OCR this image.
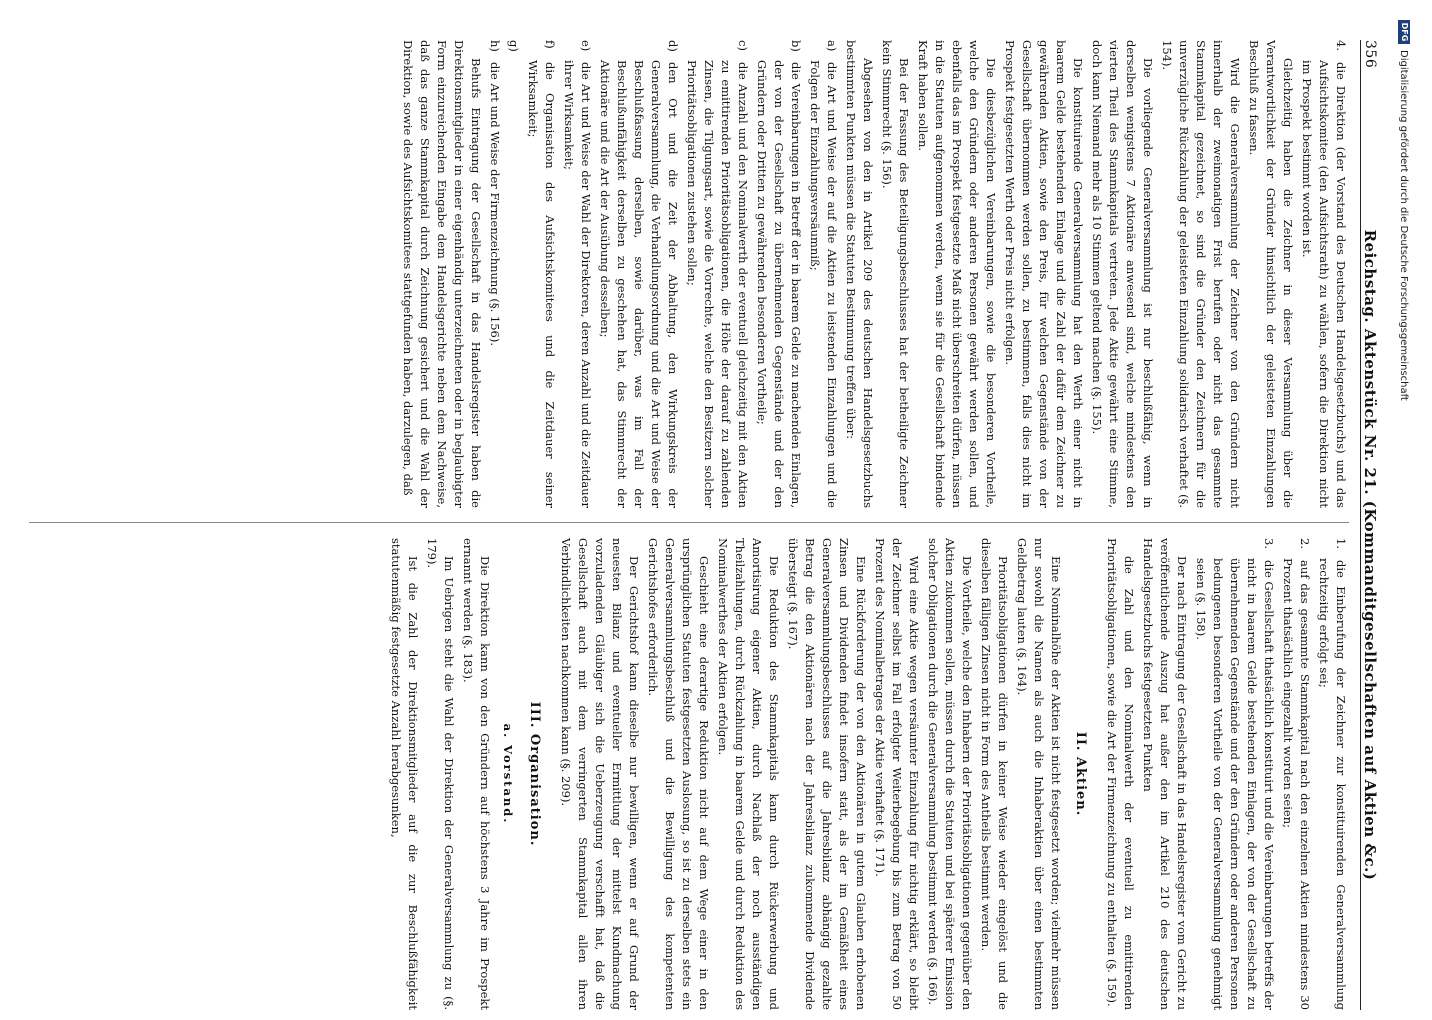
356
Reichstag. Aktenstück Nr. 21. (Kommanditgesellschaften auf Aktien &c.)

4.die Direktion (der Vorstand des Deutschen Handelsgesetzbuchs) und das Aufsichtskomitee (den Aufsichtsrath) zu wählen, sofern die Direktion nicht im Prospekt bestimmt worden ist.

Gleichzeitig haben die Zeichner in dieser Versammlung über die Verantwortlichkeit der Gründer hinsichtlich der geleisteten Einzahlungen Beschluß zu fassen.

Wird die Generalversammlung der Zeichner von den Gründern nicht innerhalb der zweimonatigen Frist berufen oder nicht das gesammte Stammkapital gezeichnet, so sind die Gründer den Zeichnern für die unverzügliche Rückzahlung der geleisteten Einzahlung solidarisch verhaftet (§. 154).

Die vorliegende Generalversammlung ist nur beschlußfähig, wenn in derselben wenigstens 7 Aktionäre anwesend sind, welche mindestens den vierten Theil des Stammkapitals vertreten. Jede Aktie gewährt eine Stimme, doch kann Niemand mehr als 10 Stimmen geltend machen (§. 155).

Die konstituirende Generalversammlung hat den Werth einer nicht in baarem Gelde bestehenden Einlage und die Zahl der dafür dem Zeichner zu gewährenden Aktien, sowie den Preis, für welchen Gegenstände von der Gesellschaft übernommen werden sollen, zu bestimmen, falls dies nicht im Prospekt festgesetzten Werth oder Preis nicht erfolgen.

Die diesbezüglichen Vereinbarungen, sowie die besonderen Vortheile, welche den Gründern oder anderen Personen gewährt werden sollen, und ebenfalls das im Prospekt festgesetzte Maß nicht überschreiten dürfen, müssen in die Statuten aufgenommen werden, wenn sie für die Gesellschaft bindende Kraft haben sollen.

Bei der Fassung des Beteiligungsbeschlusses hat der betheiligte Zeichner kein Stimmrecht (§. 156).

Abgesehen von den in Artikel 209 des deutschen Handelsgesetzbuchs bestimmten Punkten müssen die Statuten Bestimmung treffen über:

a)die Art und Weise der auf die Aktien zu leistenden Einzahlungen und die Folgen der Einzahlungsversäumniß;

b)die Vereinbarungen in Betreff der in baarem Gelde zu machenden Einlagen, der von der Gesellschaft zu übernehmenden Gegenstände und der den Gründern oder Dritten zu gewährenden besonderen Vortheile;

c)die Anzahl und den Nominalwerth der eventuell gleichzeitig mit den Aktien zu emittirenden Prioritätsobligationen, die Höhe der darauf zu zahlenden Zinsen, die Tilgungsart, sowie die Vorrechte, welche den Besitzern solcher Prioritätsobligationen zustehen sollen;

d)den Ort und die Zeit der Abhaltung, den Wirkungskreis der Generalversammlung, die Verhandlungsordnung und die Art und Weise der Beschlußfassung derselben, sowie darüber, was im Fall der Beschlußunfähigkeit derselben zu geschehen hat, das Stimmrecht der Aktionäre und die Art der Ausübung desselben;

e)die Art und Weise der Wahl der Direktoren, deren Anzahl und die Zeitdauer ihrer Wirksamkeit;

f)die Organisation des Aufsichtskomitees und die Zeitdauer seiner Wirksamkeit;

g)

h)die Art und Weise der Firmenzeichnung (§. 156).

Behufs Eintragung der Gesellschaft in das Handelsregister haben die Direktionsmitglieder in einer eigenhändig unterzeichneten oder in beglaubigter Form einzureichenden Eingabe dem Handelsgerichte neben dem Nachweise, daß das ganze Stammkapital durch Zeichnung gesichert und die Wahl der Direktion, sowie des Aufsichtskomitees stattgefunden haben, darzulegen, daß

1.die Einberufung der Zeichner zur konstituirenden Generalversammlung rechtzeitig erfolgt sei;

2.auf das gesammte Stammkapital nach den einzelnen Aktien mindestens 30 Prozent thatsächlich eingezahlt worden seien;

3.die Gesellschaft thatsächlich konstituirt und die Vereinbarungen betreffs der nicht in baarem Gelde bestehenden Einlagen, der von der Gesellschaft zu übernehmenden Gegenstände und der den Gründern oder anderen Personen bedungenen besonderen Vortheile von der Generalversammlung genehmigt seien (§. 158).

Der nach Eintragung der Gesellschaft in das Handelsregister vom Gericht zu veröffentlichende Auszug hat außer den im Artikel 210 des deutschen Handelsgesetzbuchs festgesetzten Punkten

die Zahl und den Nominalwerth der eventuell zu emittirenden Prioritätsobligationen, sowie die Art der Firmenzeichnung zu enthalten (§. 159).

II. Aktien.

Eine Nominalhöhe der Aktien ist nicht festgesetzt worden; vielmehr müssen nur sowohl die Namen als auch die Inhaberaktien über einen bestimmten Geldbetrag lauten (§. 164).

Prioritätsobligationen dürfen in keiner Weise wieder eingelöst und die dieselben fälligen Zinsen nicht in Form des Antheils bestimmt werden.

Die Vortheile, welche den Inhabern der Prioritätsobligationen gegenüber den Aktien zukommen sollen, müssen durch die Statuten und bei späterer Emission solcher Obligationen durch die Generalversammlung bestimmt werden (§. 166).

Wird eine Aktie wegen versäumter Einzahlung für nichtig erklärt, so bleibt der Zeichner selbst im Fall erfolgter Weiterbegebung bis zum Betrag von 50 Prozent des Nominalbetrages der Aktie verhaftet (§. 171).

Eine Rückforderung der von den Aktionären in gutem Glauben erhobenen Zinsen und Dividenden findet insofern statt, als der im Gemäßheit eines Generalversammlungsbeschlusses auf die Jahresbilanz abhängig gezahlte Betrag die den Aktionären nach der Jahresbilanz zukommende Dividende übersteigt (§. 167).

Die Reduktion des Stammkapitals kann durch Rückerwerbung und Amortisirung eigener Aktien, durch Nachlaß der noch ausständigen Theilzahlungen, durch Rückzahlung in baarem Gelde und durch Reduktion des Nominalwerthes der Aktien erfolgen.

Geschieht eine derartige Reduktion nicht auf dem Wege einer in den ursprünglichen Statuten festgesetzten Auslosung, so ist zu derselben stets ein Generalversammlungsbeschluß und die Bewilligung des kompetenten Gerichtshofes erforderlich.

Der Gerichtshof kann dieselbe nur bewilligen, wenn er auf Grund der neuesten Bilanz und eventueller Ermittlung der mittelst Kundmachung vorzuladenden Gläubiger sich die Ueberzeugung verschafft hat, daß die Gesellschaft auch mit dem verringerten Stammkapital allen ihren Verbindlichkeiten nachkommen kann (§. 209).

III. Organisation.
a. Vorstand.

Die Direktion kann von den Gründern auf höchstens 3 Jahre im Prospekt ernannt werden (§. 183).

Im Uebrigen steht die Wahl der Direktion der Generalversammlung zu (§. 179).

Ist die Zahl der Direktionsmitglieder auf die zur Beschlußfähigkeit statutenmäßig festgesetzte Anzahl herabgesunken,

DFG
Digitalisierung gefördert durch die Deutsche Forschungsgemeinschaft
